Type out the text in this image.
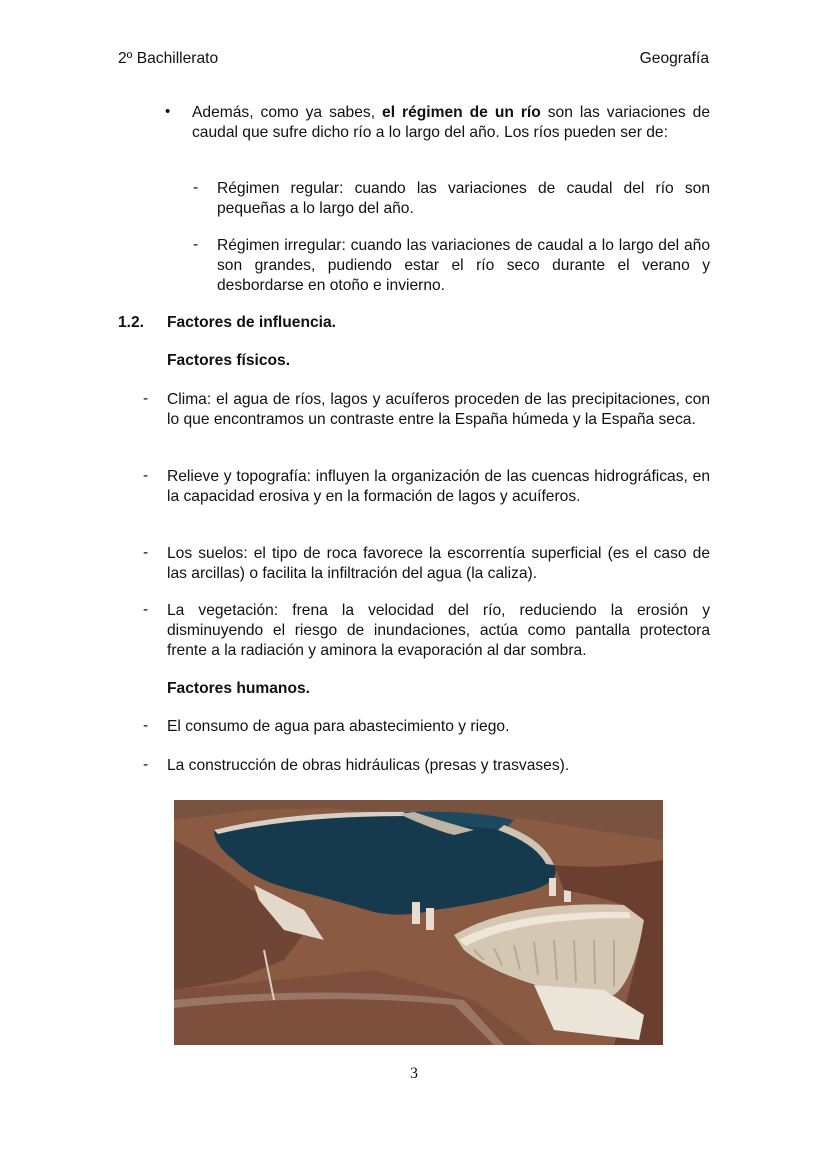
2º Bachillerato	Geografía
• Además, como ya sabes, el régimen de un río son las variaciones de caudal que sufre dicho río a lo largo del año. Los ríos pueden ser de:
- Régimen regular: cuando las variaciones de caudal del río son pequeñas a lo largo del año.
- Régimen irregular: cuando las variaciones de caudal a lo largo del año son grandes, pudiendo estar el río seco durante el verano y desbordarse en otoño e invierno.
1.2. Factores de influencia.
Factores físicos.
- Clima: el agua de ríos, lagos y acuíferos proceden de las precipitaciones, con lo que encontramos un contraste entre la España húmeda y la España seca.
- Relieve y topografía: influyen la organización de las cuencas hidrográficas, en la capacidad erosiva y en la formación de lagos y acuíferos.
- Los suelos: el tipo de roca favorece la escorrentía superficial (es el caso de las arcillas) o facilita la infiltración del agua (la caliza).
- La vegetación: frena la velocidad del río, reduciendo la erosión y disminuyendo el riesgo de inundaciones, actúa como pantalla protectora frente a la radiación y aminora la evaporación al dar sombra.
Factores humanos.
- El consumo de agua para abastecimiento y riego.
- La construcción de obras hidráulicas (presas y trasvases).
3
